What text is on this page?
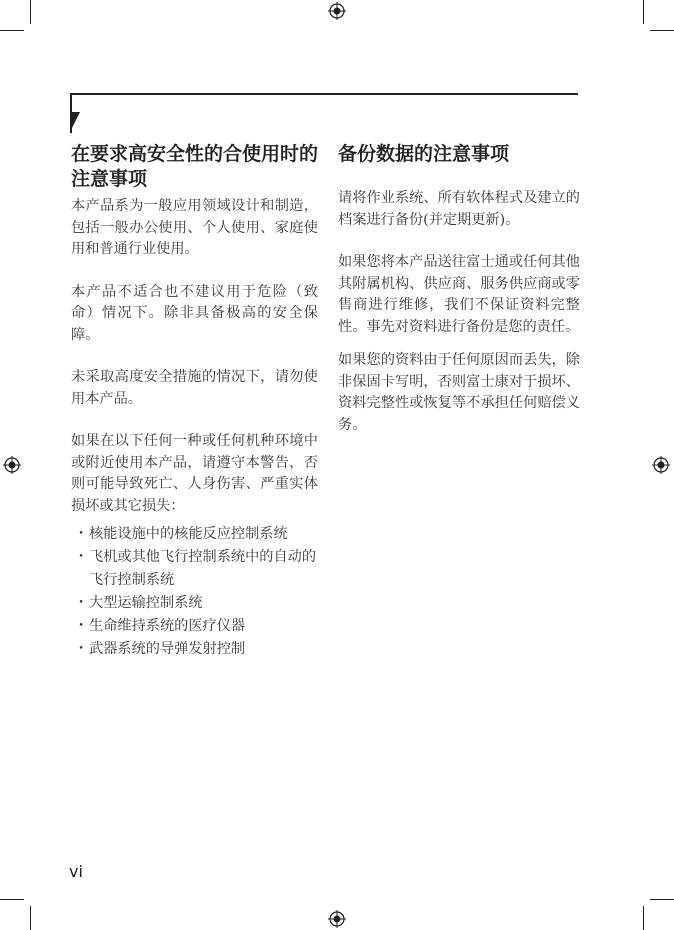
在要求高安全性的合使用时的注意事项

本产品系为一般应用领域设计和制造，包括一般办公使用、个人使用、家庭使用和普通行业使用。

本产品不适合也不建议用于危险（致命）情况下。除非具备极高的安全保障。

未采取高度安全措施的情况下，请勿使用本产品。

如果在以下任何一种或任何机种环境中或附近使用本产品，请遵守本警告，否则可能导致死亡、人身伤害、严重实体损坏或其它损失：

・ 核能设施中的核能反应控制系统
・ 飞机或其他飞行控制系统中的自动的飞行控制系统
・ 大型运输控制系统
・ 生命维持系统的医疗仪器
・ 武器系统的导弹发射控制
备份数据的注意事项

请将作业系统、所有软体程式及建立的档案进行备份(并定期更新)。

如果您将本产品送往富士通或任何其他其附属机构、供应商、服务供应商或零售商进行维修，我们不保证资料完整性。事先对资料进行备份是您的责任。

如果您的资料由于任何原因而丢失，除非保固卡写明，否则富士康对于损坏、资料完整性或恢复等不承担任何赔偿义务。

vi
